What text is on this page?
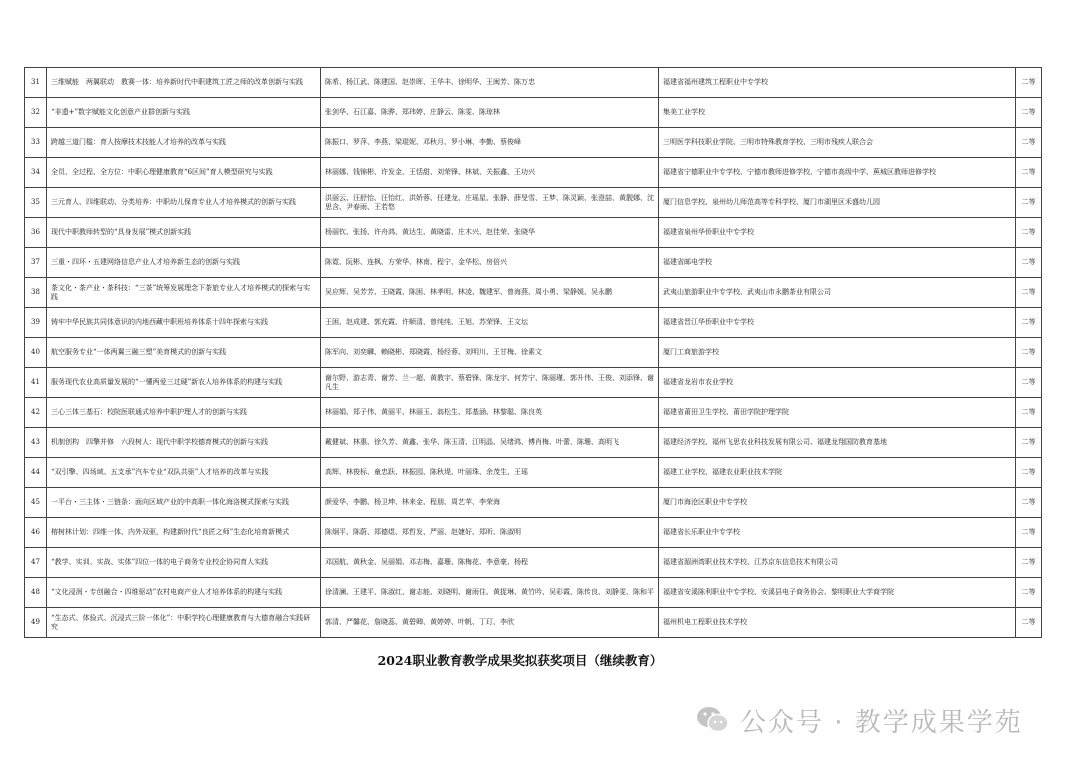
31	三维赋能　两翼联动　教赛一体：培养新时代中职建筑工匠之师的改革创新与实践	陈希、杨江武、陈建国、赵崇晖、王华丰、徐明华、王闽芳、陈万忠	福建省福州建筑工程职业中专学校	二等
32	“非遗+”数字赋能文化创意产业群创新与实践	张剑华、石江嘉、陈骅、郑玮婷、庄静云、陈雯、陈琼林	集美工业学校	二等
33	跨越三道门槛：育人按摩技术技能人才培养的改革与实践	陈振口、罗萍、李燕、梁琨妮、邓秋月、罗小琳、李勤、蔡俊峰	三明医学科技职业学院、三明市特殊教育学校、三明市残疾人联合会	二等
34	全员、全过程、全方位：中职心理健康教育“6区间”育人模型研究与实践	林丽娜、钱锦彬、许发金、王恬甜、刘荣锋、林斌、关振鑫、王功兴	福建省宁德职业中专学校、宁德市教师进修学校、宁德市高级中学、蕉城区教师进修学校	二等
35	三元育人、四维联动、分类培养：中职幼儿保育专业人才培养模式的创新与实践	洪丽云、汪舒怡、汪怡红、洪娇蓉、任建龙、庄瑶星、张静、薛旻雪、王梦、陈灵颖、张澄喆、黄靓娜、沈思含、尹春雨、王若悠	厦门信息学校、泉州幼儿师范高等专科学校、厦门市湖里区禾盛幼儿园	二等
36	现代中职教师转型的“具身发展”模式创新实践	杨丽钦、张扬、许舟鸿、黄达生、黄晓雷、庄木兴、赵佳荣、张晓华	福建省泉州华侨职业中专学校	二等
37	三重・四环・五建网络信息产业人才培养新生态的创新与实践	陈霓、阮彬、连枫、方荣华、林南、程宁、金华松、房倍兴	福建省邮电学校	二等
38	茶文化・茶产业・茶科技：“三茶”统筹发展理念下茶旅专业人才培养模式的探索与实践	吴应辉、吴芳芳、王晓霞、陈困、林孝明、林凌、魏建军、曾海燕、周小勇、梁静媛、吴永鹏	武夷山旅游职业中专学校、武夷山市永鹏茶业有限公司	二等
39	铸牢中华民族共同体意识的内地西藏中职班培养体系十四年探索与实践	王困、赵成建、郭充霞、许顺清、曾纯纯、王旭、苏荣锋、王文坛	福建省晋江华侨职业中专学校	二等
40	航空服务专业“一体两翼三融三塑”美育模式的创新与实践	陈军向、刘奕麟、赖晓彬、郑晓霞、杨经蓉、刘明川、王甘梅、徐素文	厦门工商旅游学校	二等
41	服务现代农业高质量发展的“一懂两爱三过硬”新农人培养体系的构建与实践	谢尔野、游志青、谢芳、兰一超、黄教宇、蔡碧锋、陈龙宇、何芳宁、陈丽瑾、郭升伟、王俊、刘添锋、谢凡生	福建省龙岩市农业学校	二等
42	三心三体三基石：校院医联通式培养中职护理人才的创新与实践	林丽娟、郑子伟、黄丽平、林丽玉、翁松生、郑基涵、林黎聪、陈良英	福建省莆田卫生学校、莆田学院护理学院	二等
43	机制创构　四擎并修　六段树人：现代中职学校德育模式的创新与实践	戴健斌、林惠、徐久芳、黄鑫、张华、陈玉清、江明晶、吴绪鸿、傅肖梅、叶蕾、陈珊、高明飞	福建经济学校、福州飞思农业科技发展有限公司、福建龙翔国防教育基地	二等
44	“双引擎、四场域、五支承”汽车专业“双队共驱”人才培养的改革与实践	高辉、林俊标、童忠跃、林振园、陈秋堤、叶丽珠、余茂生、王瑶	福建工业学校、福建农业职业技术学院	二等
45	一平台・三主体・三链条：面向区域产业的中高职一体化海洛模式探索与实践	颜爱华、李鹏、杨卫坤、林来金、程朋、周艺苹、李荣海	厦门市海沧区职业中专学校	二等
46	榕树林计划：四维一体、内外双驱，构建新时代“良匠之师”生态化培育新模式	陈炯平、陈蔚、郑德煜、郑哲发、严丽、赵婕好、郑昕、陈淑明	福建省长乐职业中专学校	二等
47	“教学、实训、实战、实体”四位一体的电子商务专业校企协同育人实践	邓国航、黄秋金、吴丽娟、邓志梅、嘉珊、陈梅花、李意豪、杨程	福建省湄洲湾职业技术学校、江苏京东信息技术有限公司	二等
48	“文化浸润・专创融合・四维驱动”农村电商产业人才培养体系的构建与实践	徐清澜、王建平、陈淑红、谢志能、刘晓明、谢雨住、黄捉琳、黄竹吟、吴彩霞、陈传良、刘静雯、陈和平	福建省安溪陈利职业中专学校、安溪县电子商务协会、黎明职业大学商学院	二等
49	“生态式、体验式、沉浸式三阶一体化”：中职学校心理健康教育与大德育融合实践研究	郭清、严馨花、詹晓蕊、黄碧卿、黄婷婷、叶帆、丁玎、李欣	福州机电工程职业技术学校	二等
2024职业教育教学成果奖拟获奖项目（继续教育）
公众号 · 教学成果学苑
